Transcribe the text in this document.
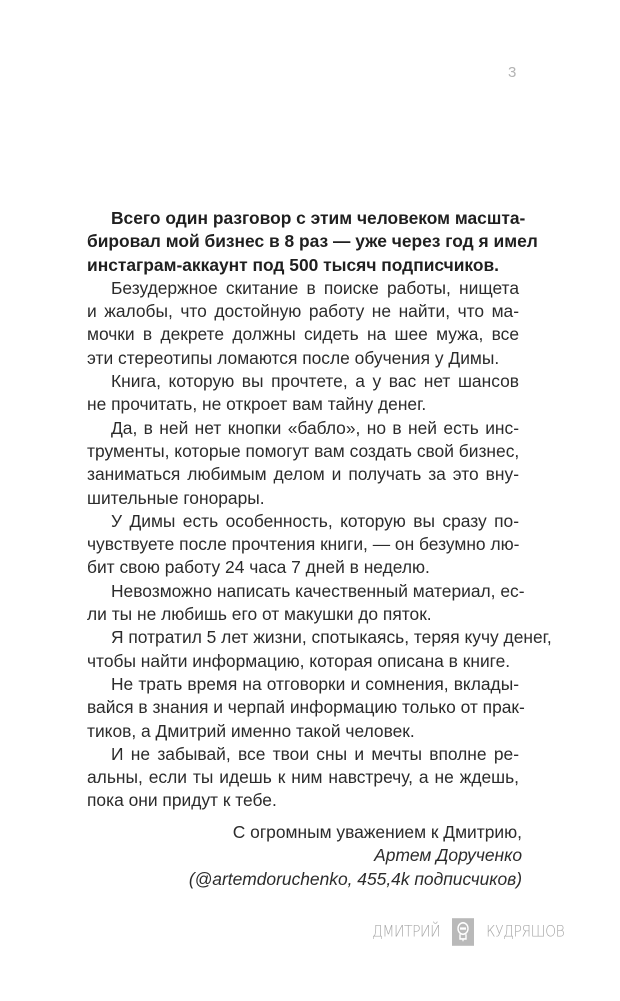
3
Всего один разговор с этим человеком масшта-
бировал мой бизнес в 8 раз — уже через год я имел
инстаграм-аккаунт под 500 тысяч подписчиков.
Безудержное скитание в поиске работы, нищета
и жалобы, что достойную работу не найти, что ма-
мочки в декрете должны сидеть на шее мужа, все
эти стереотипы ломаются после обучения у Димы.
Книга, которую вы прочтете, а у вас нет шансов
не прочитать, не откроет вам тайну денег.
Да, в ней нет кнопки «бабло», но в ней есть инс-
трументы, которые помогут вам создать свой бизнес,
заниматься любимым делом и получать за это вну-
шительные гонорары.
У Димы есть особенность, которую вы сразу по-
чувствуете после прочтения книги, — он безумно лю-
бит свою работу 24 часа 7 дней в неделю.
Невозможно написать качественный материал, ес-
ли ты не любишь его от макушки до пяток.
Я потратил 5 лет жизни, спотыкаясь, теряя кучу денег,
чтобы найти информацию, которая описана в книге.
Не трать время на отговорки и сомнения, вклады-
вайся в знания и черпай информацию только от прак-
тиков, а Дмитрий именно такой человек.
И не забывай, все твои сны и мечты вполне ре-
альны, если ты идешь к ним навстречу, а не ждешь,
пока они придут к тебе.
С огромным уважением к Дмитрию,
Артем Дорученко
(@artemdoruchenko, 455,4k подписчиков)
ДМИТРИЙ	КУДРЯШОВ
